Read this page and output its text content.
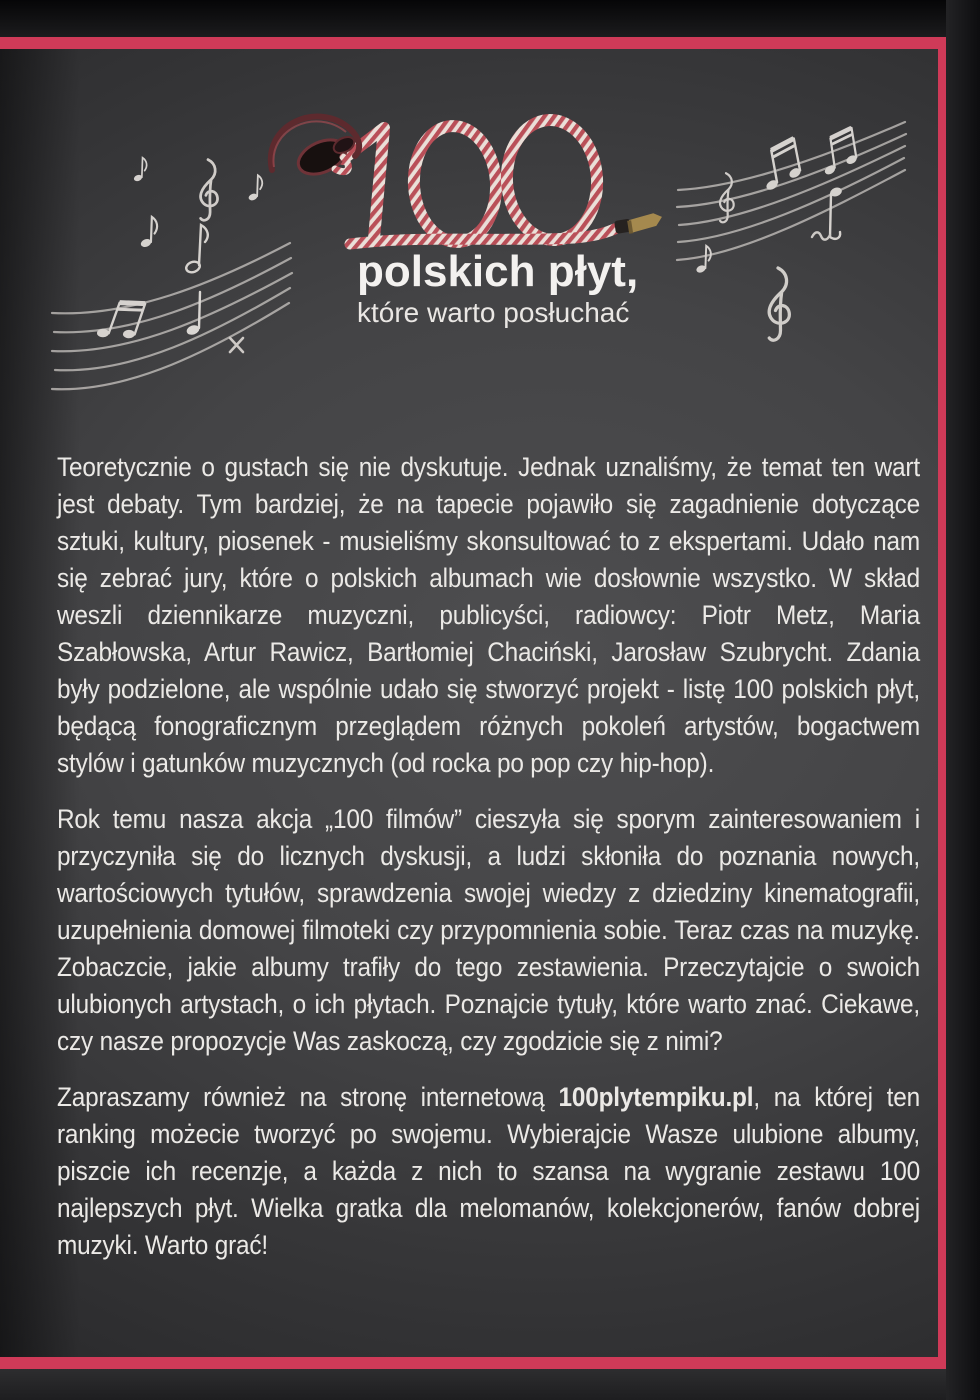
polskich płyt,
które warto posłuchać

Teoretycznie o gustach się nie dyskutuje. Jednak uznaliśmy, że temat ten wart jest debaty. Tym bardziej, że na tapecie pojawiło się zagadnienie dotyczące sztuki, kultury, piosenek - musieliśmy skonsultować to z ekspertami. Udało nam się zebrać jury, które o polskich albumach wie dosłownie wszystko. W skład weszli dziennikarze muzyczni, publicyści, radiowcy: Piotr Metz, Maria Szabłowska, Artur Rawicz, Bartłomiej Chaciński, Jarosław Szubrycht. Zdania były podzielone, ale wspólnie udało się stworzyć projekt - listę 100 polskich płyt, będącą fonograficznym przeglądem różnych pokoleń artystów, bogactwem stylów i gatunków muzycznych (od rocka po pop czy hip-hop).

Rok temu nasza akcja „100 filmów” cieszyła się sporym zainteresowaniem i przyczyniła się do licznych dyskusji, a ludzi skłoniła do poznania nowych, wartościowych tytułów, sprawdzenia swojej wiedzy z dziedziny kinematografii, uzupełnienia domowej filmoteki czy przypomnienia sobie. Teraz czas na muzykę. Zobaczcie, jakie albumy trafiły do tego zestawienia. Przeczytajcie o swoich ulubionych artystach, o ich płytach. Poznajcie tytuły, które warto znać. Ciekawe, czy nasze propozycje Was zaskoczą, czy zgodzicie się z nimi?

Zapraszamy również na stronę internetową 100plytempiku.pl, na której ten ranking możecie tworzyć po swojemu. Wybierajcie Wasze ulubione albumy, piszcie ich recenzje, a każda z nich to szansa na wygranie zestawu 100 najlepszych płyt. Wielka gratka dla melomanów, kolekcjonerów, fanów dobrej muzyki. Warto grać!
